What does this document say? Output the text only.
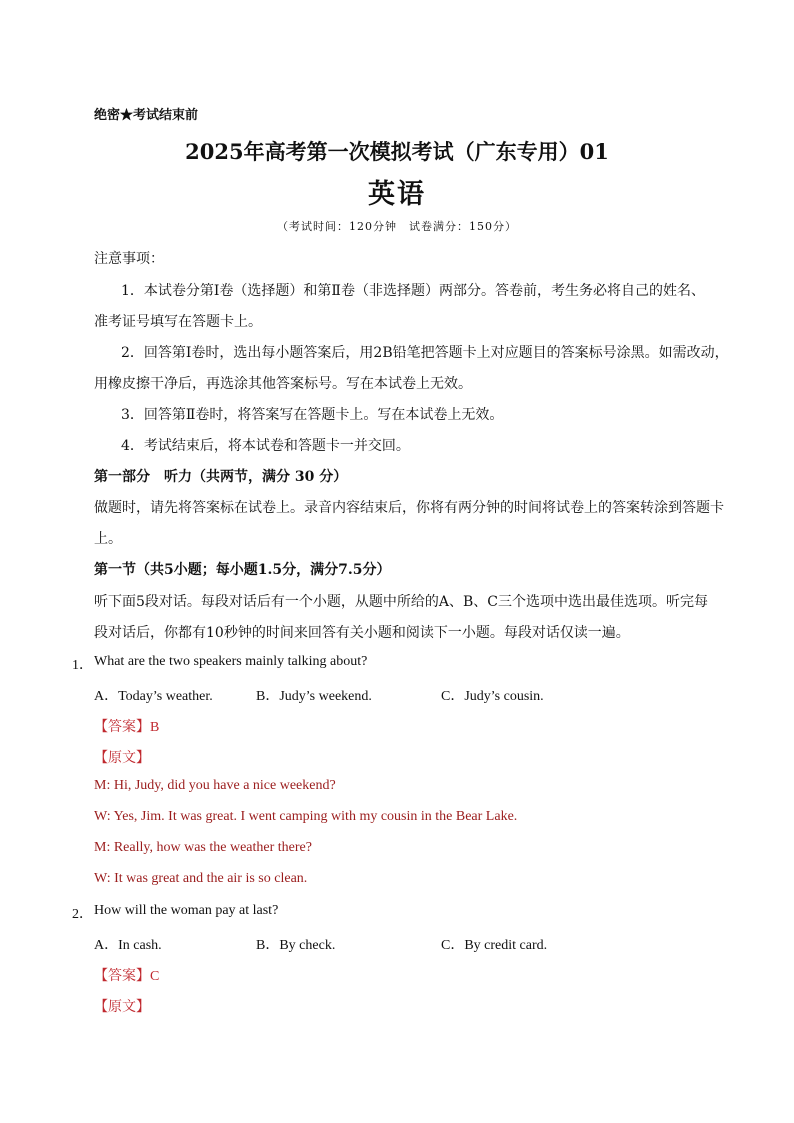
绝密★考试结束前
2025年高考第一次模拟考试（广东专用）01
英语
（考试时间：120分钟　试卷满分：150分）
注意事项：
1．本试卷分第Ⅰ卷（选择题）和第Ⅱ卷（非选择题）两部分。答卷前，考生务必将自己的姓名、
准考证号填写在答题卡上。
2．回答第Ⅰ卷时，选出每小题答案后，用2B铅笔把答题卡上对应题目的答案标号涂黑。如需改动，
用橡皮擦干净后，再选涂其他答案标号。写在本试卷上无效。
3．回答第Ⅱ卷时，将答案写在答题卡上。写在本试卷上无效。
4．考试结束后，将本试卷和答题卡一并交回。
第一部分　听力（共两节，满分 30 分）
做题时，请先将答案标在试卷上。录音内容结束后，你将有两分钟的时间将试卷上的答案转涂到答题卡
上。
第一节（共5小题；每小题1.5分，满分7.5分）
听下面5段对话。每段对话后有一个小题，从题中所给的A、B、C三个选项中选出最佳选项。听完每
段对话后，你都有10秒钟的时间来回答有关小题和阅读下一小题。每段对话仅读一遍。
1． What are the two speakers mainly talking about?
A．Today’s weather.	B．Judy’s weekend.	C．Judy’s cousin.
【答案】B
【原文】
M: Hi, Judy, did you have a nice weekend?
W: Yes, Jim. It was great. I went camping with my cousin in the Bear Lake.
M: Really, how was the weather there?
W: It was great and the air is so clean.
2． How will the woman pay at last?
A．In cash.	B．By check.	C．By credit card.
【答案】C
【原文】
